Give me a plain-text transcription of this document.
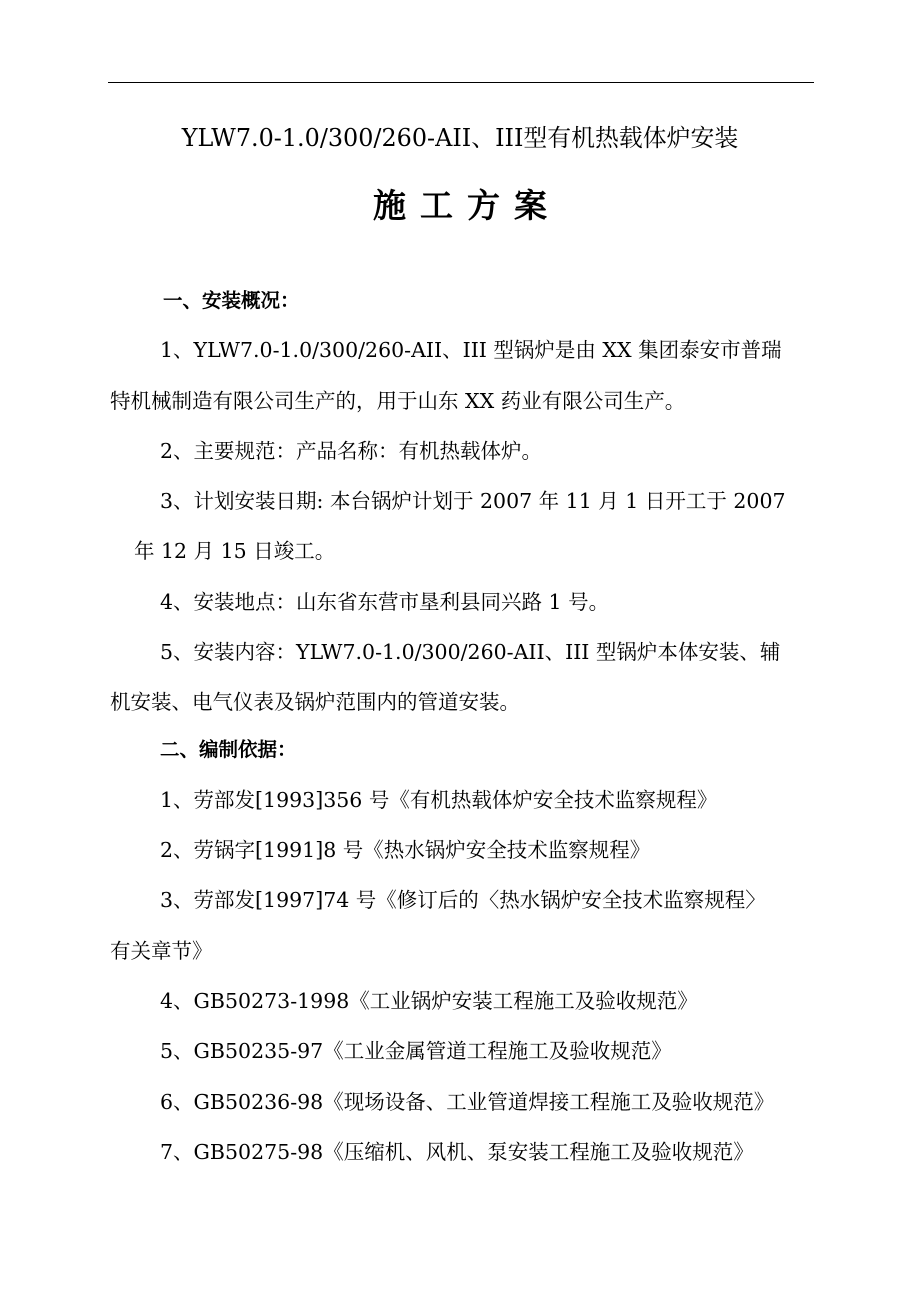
YLW7.0-1.0/300/260-AII、III型有机热载体炉安装
施工方案
一、安装概况：
1、YLW7.0-1.0/300/260-AII、III 型锅炉是由 XX 集团泰安市普瑞
特机械制造有限公司生产的，用于山东 XX 药业有限公司生产。
2、主要规范：产品名称：有机热载体炉。
3、计划安装日期: 本台锅炉计划于 2007 年 11 月 1 日开工于 2007
年 12 月 15 日竣工。
4、安装地点：山东省东营市垦利县同兴路 1 号。
5、安装内容：YLW7.0-1.0/300/260-AII、III 型锅炉本体安装、辅
机安装、电气仪表及锅炉范围内的管道安装。
二、编制依据：
1、劳部发[1993]356 号《有机热载体炉安全技术监察规程》
2、劳锅字[1991]8 号《热水锅炉安全技术监察规程》
3、劳部发[1997]74 号《修订后的〈热水锅炉安全技术监察规程〉
有关章节》
4、GB50273-1998《工业锅炉安装工程施工及验收规范》
5、GB50235-97《工业金属管道工程施工及验收规范》
6、GB50236-98《现场设备、工业管道焊接工程施工及验收规范》
7、GB50275-98《压缩机、风机、泵安装工程施工及验收规范》
